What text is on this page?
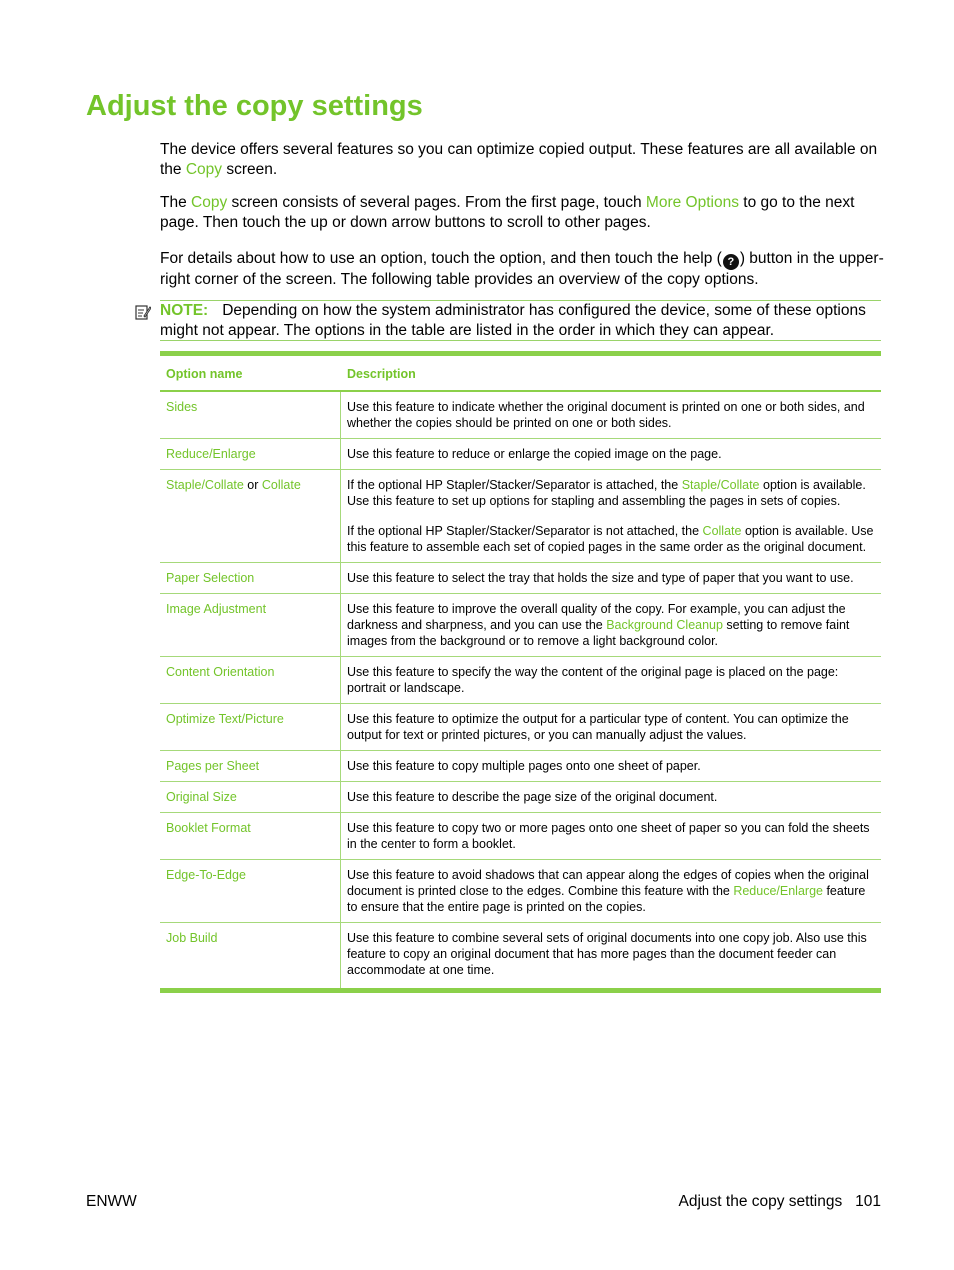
Adjust the copy settings

The device offers several features so you can optimize copied output. These features are all available on the Copy screen.

The Copy screen consists of several pages. From the first page, touch More Options to go to the next page. Then touch the up or down arrow buttons to scroll to other pages.

For details about how to use an option, touch the option, and then touch the help ( ? ) button in the upper-right corner of the screen. The following table provides an overview of the copy options.

NOTE: Depending on how the system administrator has configured the device, some of these options might not appear. The options in the table are listed in the order in which they can appear.
Option name	Description
Sides	Use this feature to indicate whether the original document is printed on one or both sides, and whether the copies should be printed on one or both sides.
Reduce/Enlarge	Use this feature to reduce or enlarge the copied image on the page.
Staple/Collate or Collate	If the optional HP Stapler/Stacker/Separator is attached, the Staple/Collate option is available. Use this feature to set up options for stapling and assembling the pages in sets of copies.
If the optional HP Stapler/Stacker/Separator is not attached, the Collate option is available. Use this feature to assemble each set of copied pages in the same order as the original document.
Paper Selection	Use this feature to select the tray that holds the size and type of paper that you want to use.
Image Adjustment	Use this feature to improve the overall quality of the copy. For example, you can adjust the darkness and sharpness, and you can use the Background Cleanup setting to remove faint images from the background or to remove a light background color.
Content Orientation	Use this feature to specify the way the content of the original page is placed on the page: portrait or landscape.
Optimize Text/Picture	Use this feature to optimize the output for a particular type of content. You can optimize the output for text or printed pictures, or you can manually adjust the values.
Pages per Sheet	Use this feature to copy multiple pages onto one sheet of paper.
Original Size	Use this feature to describe the page size of the original document.
Booklet Format	Use this feature to copy two or more pages onto one sheet of paper so you can fold the sheets in the center to form a booklet.
Edge-To-Edge	Use this feature to avoid shadows that can appear along the edges of copies when the original document is printed close to the edges. Combine this feature with the Reduce/Enlarge feature to ensure that the entire page is printed on the copies.
Job Build	Use this feature to combine several sets of original documents into one copy job. Also use this feature to copy an original document that has more pages than the document feeder can accommodate at one time.
ENWW	Adjust the copy settings   101
